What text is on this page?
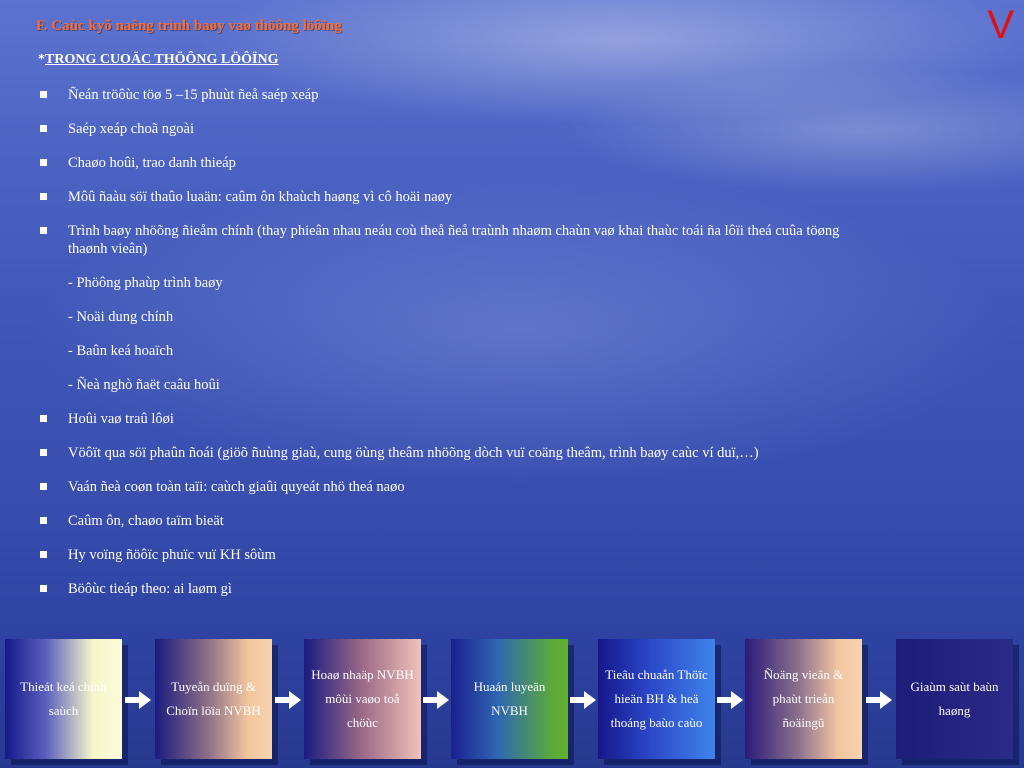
F. Caùc kyõ naêng trình baøy vaø thöông löôïng	V
*TRONG CUOÄC THÖÔNG LÖÔÏNG
Ñeán tröôùc töø 5 –15 phuùt ñeå saép xeáp
Saép xeáp choã ngoài
Chaøo hoûi, trao danh thieáp
Môû ñaàu söï thaûo luaän: caûm ôn khaùch haøng vì cô hoäi naøy
Trình baøy nhöõng ñieåm chính (thay phieân nhau neáu coù theå ñeå traùnh nhaøm chaùn vaø khai thaùc toái ña lôïi theá cuûa töøng thaønh vieân)
- Phöông phaùp trình baøy
- Noäi dung chính
- Baûn keá hoaïch
- Ñeà nghò ñaët caâu hoûi
Hoûi vaø traû lôøi
Vöôït qua söï phaûn ñoái (giöõ ñuùng giaù, cung öùng theâm nhöõng dòch vuï coäng theâm, trình baøy caùc ví duï,…)
Vaán ñeà coøn toàn taïi: caùch giaûi quyeát nhö theá naøo
Caûm ôn, chaøo taïm bieät
Hy voïng ñöôïc phuïc vuï KH sôùm
Böôùc tieáp theo: ai laøm gì
Thieát keá chính saùch
Tuyeån duïng & Choïn löïa NVBH
Hoaø nhaäp NVBH môùi vaøo toå chöùc
Huaán luyeän NVBH
Tieâu chuaån Thöïc hieän BH & heä thoáng baùo caùo
Ñoäng vieân & phaùt trieån ñoäingũ
Giaùm saùt baùn haøng
